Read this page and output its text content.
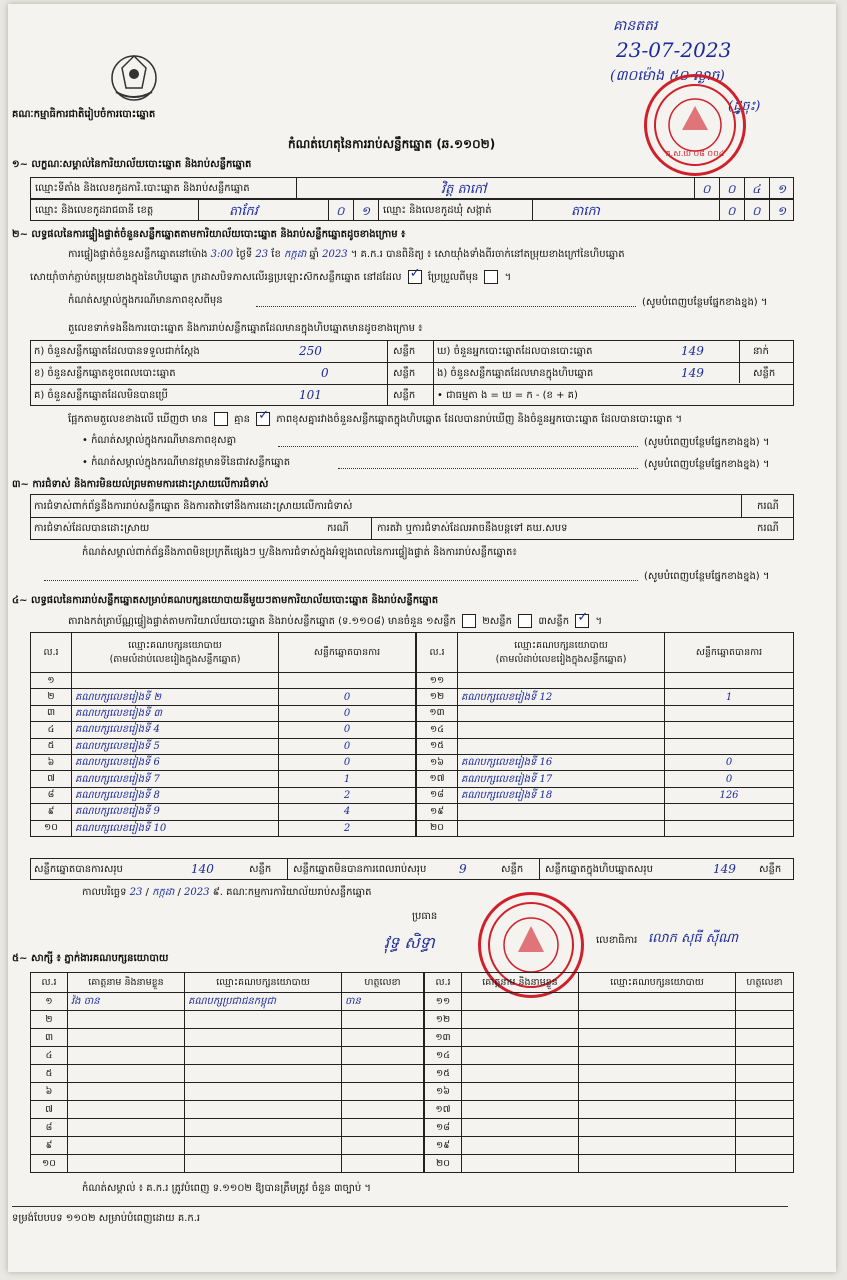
គណៈកម្មាធិការជាតិរៀបចំការបោះឆ្នោត
កំណត់ហេតុនៃការរាប់សន្លឹកឆ្នោត (ឆ.១១០២)
គានតតរ
23-07-2023
(៣០ម៉ោង ៥០ ល្ងាច)
(ដូ្វចុះ)
គ.ស.ឃ ០៨ ០០៤
១~ លក្ខណៈសម្គាល់នៃការិយាល័យបោះឆ្នោត និងរាប់សន្លឹកឆ្នោត
ឈ្មោះទីតាំង និងលេខកូដការិ.បោះឆ្នោត និងរាប់សន្លឹកឆ្នោត	វិត្ត តាកៅ	០ ០ ៤ ១
ឈ្មោះ និងលេខកូដរាជធានី ខេត្ត	តាកែវ	០ ១ ឈ្មោះ និងលេខកូដឃុំ សង្កាត់	តាកោ	០ ០ ១
២~ លទ្ធផលនៃការផ្ទៀងផ្ទាត់ចំនួនសន្លឹកឆ្នោតតាមការិយាល័យបោះឆ្នោត និងរាប់សន្លឹកឆ្នោតដូចខាងក្រោម ៖
ការផ្ទៀងផ្ទាត់ចំនួនសន្លឹកឆ្នោតនៅម៉ោង 3:00 ថ្ងៃទី 23 ខែ កក្កដា ឆ្នាំ 2023 ។ គ.ក.រ បានពិនិត្យ ៖ សោយ៉ាំងទាំងពីរចាក់នៅតម្រុយខាងក្រៅនៃហិបឆ្នោត
សោយ៉ាំចាក់ភ្ជាប់តម្រុយខាងក្នុងនៃហិបឆ្នោត ក្រដាសបិទភាសលើរន្ធប្រឡោះស៊កសន្លឹកឆ្នោត នៅដដែល ✓	ប្រែប្រួលពីមុន  ។
កំណត់សម្គាល់ក្នុងករណីមានភាពខុសពីមុន	(សូមបំពេញបន្ថែមផ្នែកខាងខ្នង) ។
តួលេខទាក់ទងនឹងការបោះឆ្នោត និងការរាប់សន្លឹកឆ្នោតដែលមានក្នុងហិបឆ្នោតមានដូចខាងក្រោម ៖
ក) ចំនួនសន្លឹកឆ្នោតដែលបានទទួលជាក់ស្តែង	250	សន្លឹក ឃ) ចំនួនអ្នកបោះឆ្នោតដែលបានបោះឆ្នោត	149	នាក់
ខ) ចំនួនសន្លឹកឆ្នោតខូចពេលបោះឆ្នោត	0	សន្លឹក ង) ចំនួនសន្លឹកឆ្នោតដែលមានក្នុងហិបឆ្នោត	149	សន្លឹក
គ) ចំនួនសន្លឹកឆ្នោតដែលមិនបានប្រើ	101	សន្លឹក • ជាធម្មតា ង = ឃ = ក - (ខ + គ)
ផ្អែកតាមតួលេខខាងលើ ឃើញថា មាន	គ្មាន ✓	ភាពខុសគ្នារវាងចំនួនសន្លឹកឆ្នោតក្នុងហិបឆ្នោត ដែលបានរាប់ឃើញ និងចំនួនអ្នកបោះឆ្នោត ដែលបានបោះឆ្នោត ។
• កំណត់សម្គាល់ក្នុងករណីមានភាពខុសគ្នា	(សូមបំពេញបន្ថែមផ្នែកខាងខ្នង) ។
• កំណត់សម្គាល់ក្នុងករណីមានវត្តមានទីនៃជាវសន្លឹកឆ្នោត	(សូមបំពេញបន្ថែមផ្នែកខាងខ្នង) ។
៣~ ការជំទាស់ និងការមិនយល់ព្រមតាមការដោះស្រាយលើការជំទាស់
ការជំទាស់ពាក់ព័ន្ធនឹងការរាប់សន្លឹកឆ្នោត និងការតវ៉ាទៅនឹងការដោះស្រាយលើការជំទាស់	ករណី
ការជំទាស់ដែលបានដោះស្រាយ	ករណី	ការតវ៉ា ឬការជំទាស់ដែលអាចនឹងបន្តទៅ គឃ.សបទ	ករណី
កំណត់សម្គាល់ពាក់ព័ន្ធនឹងភាពមិនប្រក្រតីផ្សេងៗ ឬ/និងការជំទាស់ក្នុងអំឡុងពេលនៃការផ្ទៀងផ្ទាត់ និងការរាប់សន្លឹកឆ្នោត៖
(សូមបំពេញបន្ថែមផ្នែកខាងខ្នង) ។
៤~ លទ្ធផលនៃការរាប់សន្លឹកឆ្នោតសម្រាប់គណបក្សនយោបាយនីមួយៗតាមការិយាល័យបោះឆ្នោត និងរាប់សន្លឹកឆ្នោត
តារាងកត់ត្រាប័ណ្ណផ្ទៀងផ្ទាត់តាមការិយាល័យបោះឆ្នោត និងរាប់សន្លឹកឆ្នោត (ទ.១១០៨) មានចំនួន ១សន្លឹក	២សន្លឹក	៣សន្លឹក ✓ ។
ល.រ	ឈ្មោះគណបក្សនយោបាយ
(តាមលំដាប់លេខរៀងក្នុងសន្លឹកឆ្នោត)	សន្លឹកឆ្នោតបានការ
១		
២	គណបក្សលេខរៀងទី ២	0
៣	គណបក្សលេខរៀងទី ៣	0
៤	គណបក្សលេខរៀងទី 4	0
៥	គណបក្សលេខរៀងទី 5	0
៦	គណបក្សលេខរៀងទី 6	0
៧	គណបក្សលេខរៀងទី 7	1
៨	គណបក្សលេខរៀងទី 8	2
៩	គណបក្សលេខរៀងទី 9	4
១០	គណបក្សលេខរៀងទី 10	2
ល.រ	ឈ្មោះគណបក្សនយោបាយ
(តាមលំដាប់លេខរៀងក្នុងសន្លឹកឆ្នោត)	សន្លឹកឆ្នោតបានការ
១១		
១២	គណបក្សលេខរៀងទី 12	1
១៣		
១៤		
១៥		
១៦	គណបក្សលេខរៀងទី 16	0
១៧	គណបក្សលេខរៀងទី 17	0
១៨	គណបក្សលេខរៀងទី 18	126
១៩		
២០		
សន្លឹកឆ្នោតបានការសរុប	140	សន្លឹក សន្លឹកឆ្នោតមិនបានការពេលរាប់សរុប	9	សន្លឹក សន្លឹកឆ្នោតក្នុងហិបឆ្នោតសរុប	149 សន្លឹក
កាលបរិច្ឆេទ 23 / កក្កដា / 2023 ៩. គណៈកម្មការការិយាល័យរាប់សន្លឹកឆ្នោត
ប្រធាន
វុទ្ធ សិទ្ធា	លេខាធិការ លោក សុធី ស៊ីណា
៥~ សាក្សី ៖ ភ្នាក់ងារគណបក្សនយោបាយ
ល.រ	គោត្តនាម និងនាមខ្លួន	ឈ្មោះគណបក្សនយោបាយ	ហត្ថលេខា
១	វ៉ង ចាន	គណបក្សប្រជាជនកម្ពុជា	ចាន
២			
៣			
៤			
៥			
៦			
៧			
៨			
៩			
១០			
ល.រ	គោត្តនាម និងនាមខ្លួន	ឈ្មោះគណបក្សនយោបាយ	ហត្ថលេខា
១១			
១២			
១៣			
១៤			
១៥			
១៦			
១៧			
១៨			
១៩			
២០			
កំណត់សម្គាល់ ៖ គ.ក.រ ត្រូវបំពេញ ទ.១១០២ ឱ្យបានត្រឹមត្រូវ ចំនួន ៣ច្បាប់ ។
ទម្រង់បែបបទ ១១០២ សម្រាប់បំពេញដោយ គ.ក.រ
